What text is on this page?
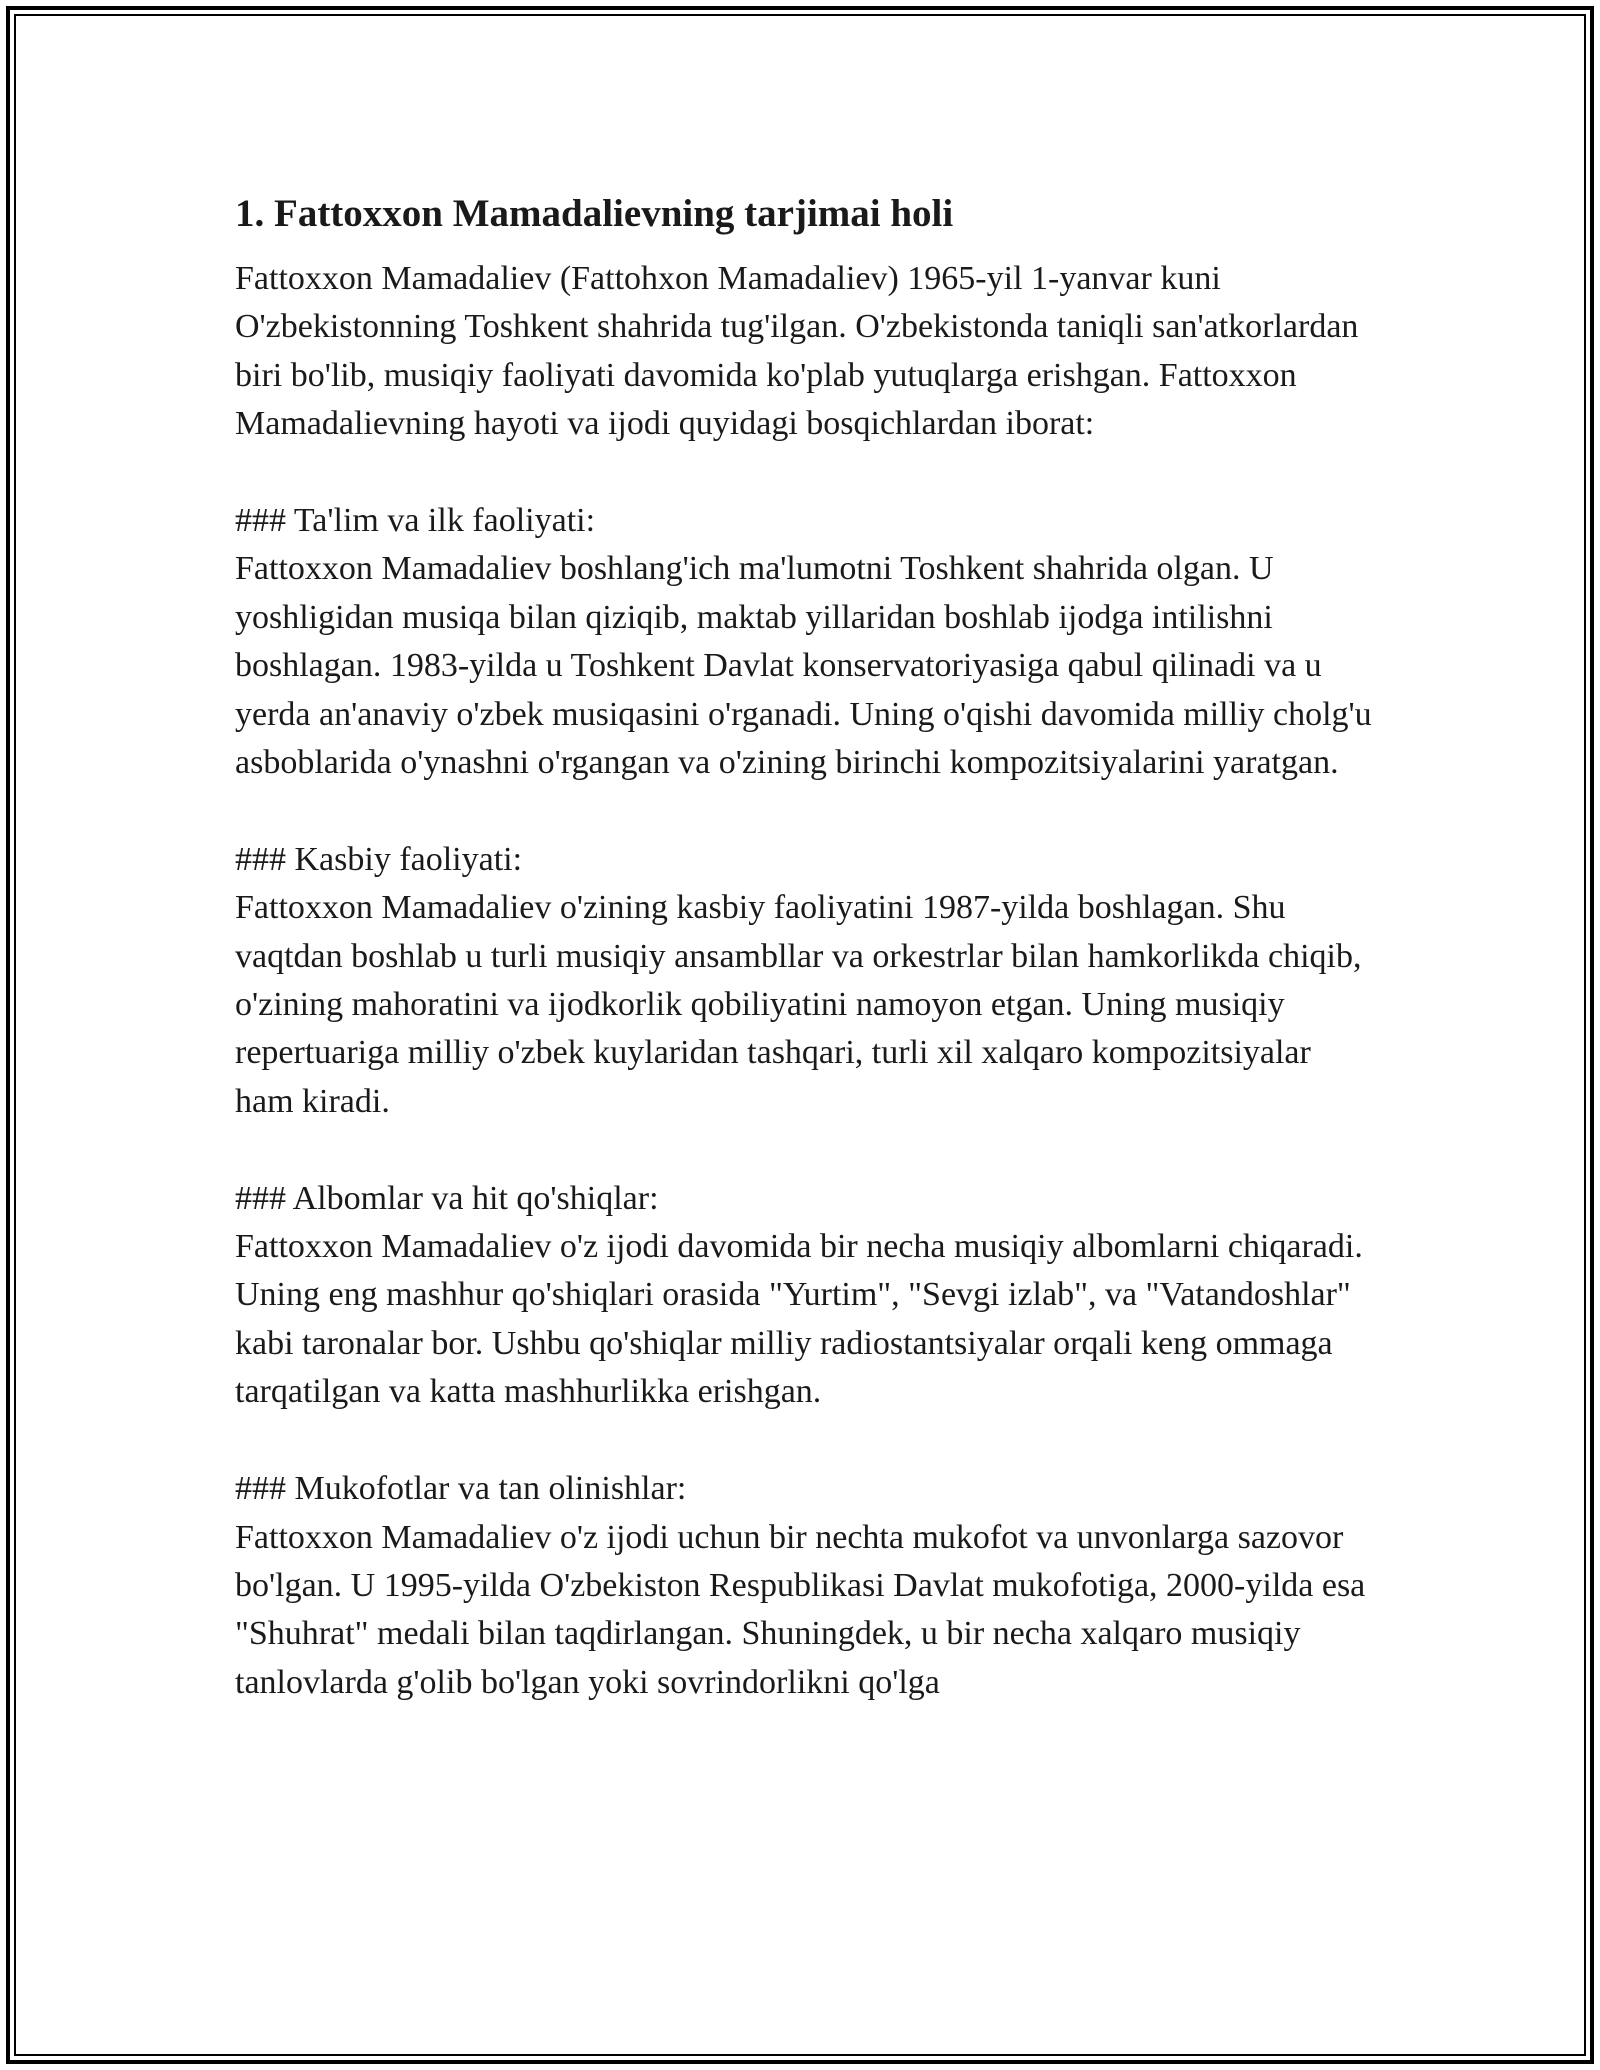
1. Fattoxxon Mamadalievning tarjimai holi

Fattoxxon Mamadaliev (Fattohxon Mamadaliev) 1965-yil 1-yanvar kuni O'zbekistonning Toshkent shahrida tug'ilgan. O'zbekistonda taniqli san'atkorlardan biri bo'lib, musiqiy faoliyati davomida ko'plab yutuqlarga erishgan. Fattoxxon Mamadalievning hayoti va ijodi quyidagi bosqichlardan iborat:

### Ta'lim va ilk faoliyati:

Fattoxxon Mamadaliev boshlang'ich ma'lumotni Toshkent shahrida olgan. U yoshligidan musiqa bilan qiziqib, maktab yillaridan boshlab ijodga intilishni boshlagan. 1983-yilda u Toshkent Davlat konservatoriyasiga qabul qilinadi va u yerda an'anaviy o'zbek musiqasini o'rganadi. Uning o'qishi davomida milliy cholg'u asboblarida o'ynashni o'rgangan va o'zining birinchi kompozitsiyalarini yaratgan.

### Kasbiy faoliyati:

Fattoxxon Mamadaliev o'zining kasbiy faoliyatini 1987-yilda boshlagan. Shu vaqtdan boshlab u turli musiqiy ansambllar va orkestrlar bilan hamkorlikda chiqib, o'zining mahoratini va ijodkorlik qobiliyatini namoyon etgan. Uning musiqiy repertuariga milliy o'zbek kuylaridan tashqari, turli xil xalqaro kompozitsiyalar ham kiradi.

### Albomlar va hit qo'shiqlar:

Fattoxxon Mamadaliev o'z ijodi davomida bir necha musiqiy albomlarni chiqaradi. Uning eng mashhur qo'shiqlari orasida "Yurtim", "Sevgi izlab", va "Vatandoshlar" kabi taronalar bor. Ushbu qo'shiqlar milliy radiostantsiyalar orqali keng ommaga tarqatilgan va katta mashhurlikka erishgan.

### Mukofotlar va tan olinishlar:

Fattoxxon Mamadaliev o'z ijodi uchun bir nechta mukofot va unvonlarga sazovor bo'lgan. U 1995-yilda O'zbekiston Respublikasi Davlat mukofotiga, 2000-yilda esa "Shuhrat" medali bilan taqdirlangan. Shuningdek, u bir necha xalqaro musiqiy tanlovlarda g'olib bo'lgan yoki sovrindorlikni qo'lga
